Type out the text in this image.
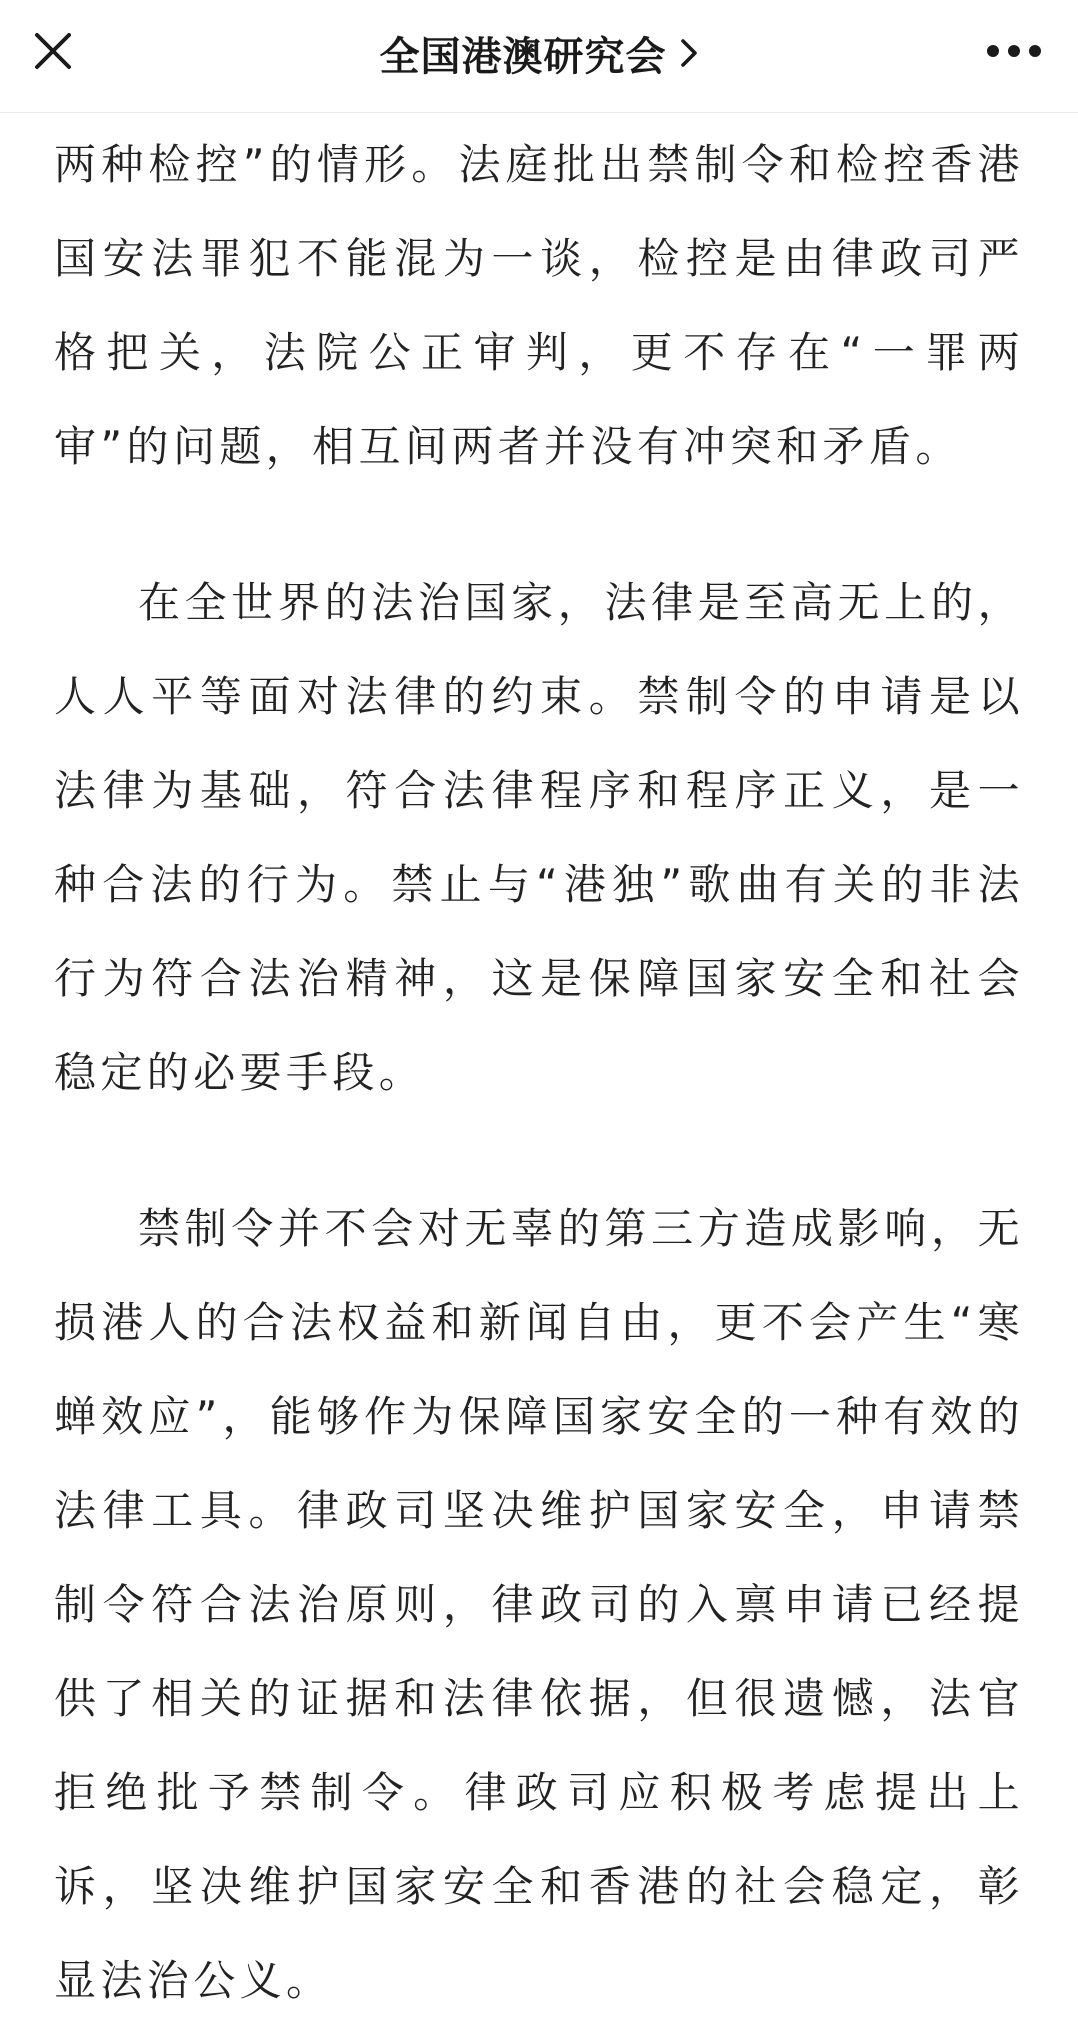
全国港澳研究会

两种检控”的情形。法庭批出禁制令和检控香港国安法罪犯不能混为一谈，检控是由律政司严格把关，法院公正审判，更不存在“一罪两审”的问题，相互间两者并没有冲突和矛盾。

在全世界的法治国家，法律是至高无上的，人人平等面对法律的约束。禁制令的申请是以法律为基础，符合法律程序和程序正义，是一种合法的行为。禁止与“港独”歌曲有关的非法行为符合法治精神，这是保障国家安全和社会稳定的必要手段。

禁制令并不会对无辜的第三方造成影响，无损港人的合法权益和新闻自由，更不会产生“寒蝉效应”，能够作为保障国家安全的一种有效的法律工具。律政司坚决维护国家安全，申请禁制令符合法治原则，律政司的入禀申请已经提供了相关的证据和法律依据，但很遗憾，法官拒绝批予禁制令。律政司应积极考虑提出上诉，坚决维护国家安全和香港的社会稳定，彰显法治公义。
